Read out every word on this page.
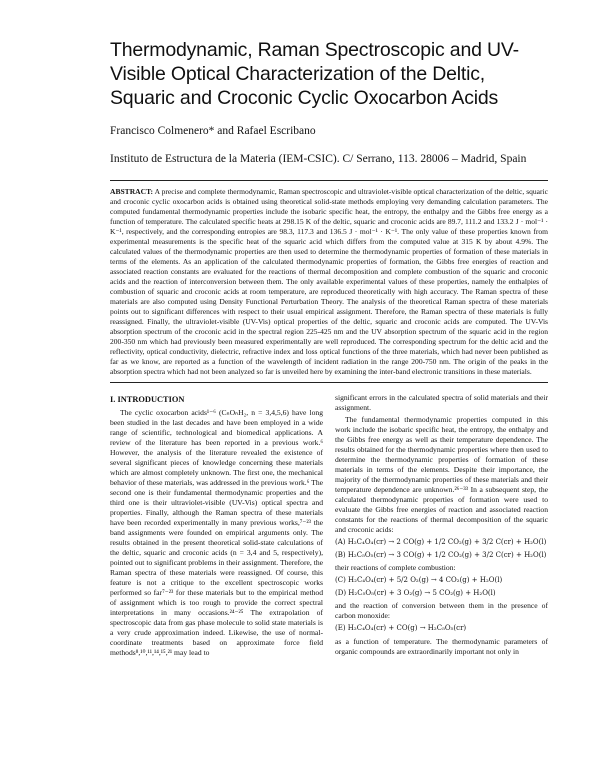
Thermodynamic, Raman Spectroscopic and UV-Visible Optical Characterization of the Deltic, Squaric and Croconic Cyclic Oxocarbon Acids
Francisco Colmenero* and Rafael Escribano
Instituto de Estructura de la Materia (IEM-CSIC). C/ Serrano, 113. 28006 – Madrid, Spain

ABSTRACT: A precise and complete thermodynamic, Raman spectroscopic and ultraviolet-visible optical characterization of the deltic, squaric and croconic cyclic oxocarbon acids is obtained using theoretical solid-state methods employing very demanding calculation parameters. The computed fundamental thermodynamic properties include the isobaric specific heat, the entropy, the enthalpy and the Gibbs free energy as a function of temperature. The calculated specific heats at 298.15 K of the deltic, squaric and croconic acids are 89.7, 111.2 and 133.2 J · mol⁻¹ · K⁻¹, respectively, and the corresponding entropies are 98.3, 117.3 and 136.5 J · mol⁻¹ · K⁻¹. The only value of these properties known from experimental measurements is the specific heat of the squaric acid which differs from the computed value at 315 K by about 4.9%. The calculated values of the thermodynamic properties are then used to determine the thermodynamic properties of formation of these materials in terms of the elements. As an application of the calculated thermodynamic properties of formation, the Gibbs free energies of reaction and associated reaction constants are evaluated for the reactions of thermal decomposition and complete combustion of the squaric and croconic acids and the reaction of interconversion between them. The only available experimental values of these properties, namely the enthalpies of combustion of squaric and croconic acids at room temperature, are reproduced theoretically with high accuracy. The Raman spectra of these materials are also computed using Density Functional Perturbation Theory. The analysis of the theoretical Raman spectra of these materials points out to significant differences with respect to their usual empirical assignment. Therefore, the Raman spectra of these materials is fully reassigned. Finally, the ultraviolet-visible (UV-Vis) optical properties of the deltic, squaric and croconic acids are computed. The UV-Vis absorption spectrum of the croconic acid in the spectral region 225-425 nm and the UV absorption spectrum of the squaric acid in the region 200-350 nm which had previously been measured experimentally are well reproduced. The corresponding spectrum for the deltic acid and the reflectivity, optical conductivity, dielectric, refractive index and loss optical functions of the three materials, which had never been published as far as we know, are reported as a function of the wavelength of incident radiation in the range 200-750 nm. The origin of the peaks in the absorption spectra which had not been analyzed so far is unveiled here by examining the inter-band electronic transitions in these materials.

I. INTRODUCTION

The cyclic oxocarbon acids¹⁻⁶ (CₙOₙH₂, n = 3,4,5,6) have long been studied in the last decades and have been employed in a wide range of scientific, technological and biomedical applications. A review of the literature has been reported in a previous work.⁶ However, the analysis of the literature revealed the existence of several significant pieces of knowledge concerning these materials which are almost completely unknown. The first one, the mechanical behavior of these materials, was addressed in the previous work.⁶ The second one is their fundamental thermodynamic properties and the third one is their ultraviolet-visible (UV-Vis) optical spectra and properties. Finally, although the Raman spectra of these materials have been recorded experimentally in many previous works,⁷⁻²³ the band assignments were founded on empirical arguments only. The results obtained in the present theoretical solid-state calculations of the deltic, squaric and croconic acids (n = 3,4 and 5, respectively), pointed out to significant problems in their assignment. Therefore, the Raman spectra of these materials were reassigned. Of course, this feature is not a critique to the excellent spectroscopic works performed so far⁷⁻²³ for these materials but to the empirical method of assignment which is too rough to provide the correct spectral interpretations in many occasions.²⁴⁻²⁵ The extrapolation of spectroscopic data from gas phase molecule to solid state materials is a very crude approximation indeed. Likewise, the use of normal-coordinate treatments based on approximate force field methods⁸,¹⁰,¹¹,¹⁴,¹⁵,²¹ may lead to

significant errors in the calculated spectra of solid materials and their assignment.

The fundamental thermodynamic properties computed in this work include the isobaric specific heat, the entropy, the enthalpy and the Gibbs free energy as well as their temperature dependence. The results obtained for the thermodynamic properties where then used to determine the thermodynamic properties of formation of these materials in terms of the elements. Despite their importance, the majority of the thermodynamic properties of these materials and their temperature dependence are unknown.²⁶⁻³³ In a subsequent step, the calculated thermodynamic properties of formation were used to evaluate the Gibbs free energies of reaction and associated reaction constants for the reactions of thermal decomposition of the squaric and croconic acids:

(A) H₂C₄O₄(cr) → 2 CO(g) + 1/2 CO₂(g) + 3/2 C(cr) + H₂O(l)
(B) H₂C₅O₅(cr) → 3 CO(g) + 1/2 CO₂(g) + 3/2 C(cr) + H₂O(l)

their reactions of complete combustion:

(C) H₂C₄O₄(cr) + 5/2 O₂(g) → 4 CO₂(g) + H₂O(l)
(D) H₂C₅O₅(cr) + 3 O₂(g) → 5 CO₂(g) + H₂O(l)

and the reaction of conversion between them in the presence of carbon monoxide:

(E) H₂C₄O₄(cr) + CO(g) → H₂C₅O₅(cr)

as a function of temperature. The thermodynamic parameters of organic compounds are extraordinarily important not only in
